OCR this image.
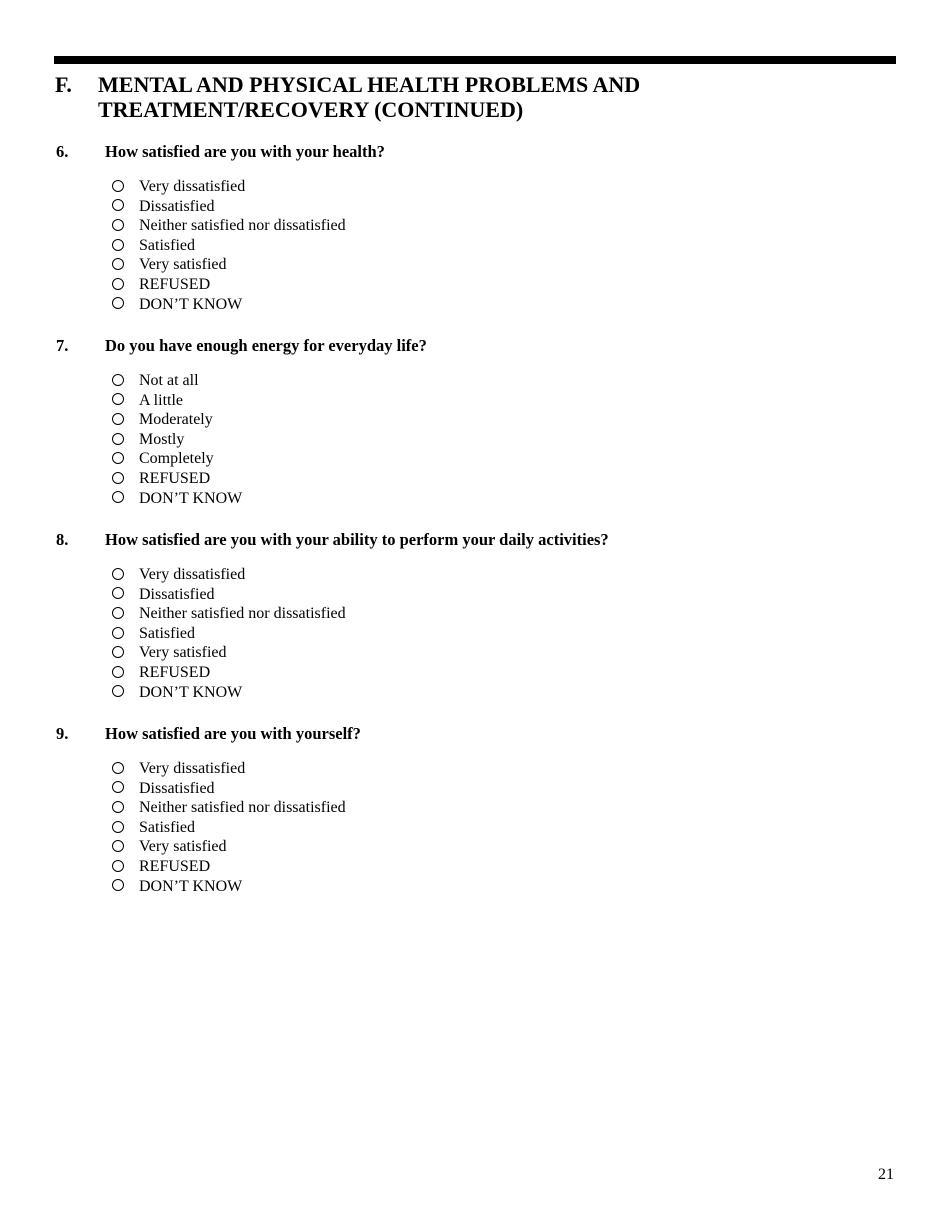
F. MENTAL AND PHYSICAL HEALTH PROBLEMS AND TREATMENT/RECOVERY (CONTINUED)
6. How satisfied are you with your health?
Very dissatisfied
Dissatisfied
Neither satisfied nor dissatisfied
Satisfied
Very satisfied
REFUSED
DON’T KNOW
7. Do you have enough energy for everyday life?
Not at all
A little
Moderately
Mostly
Completely
REFUSED
DON’T KNOW
8. How satisfied are you with your ability to perform your daily activities?
Very dissatisfied
Dissatisfied
Neither satisfied nor dissatisfied
Satisfied
Very satisfied
REFUSED
DON’T KNOW
9. How satisfied are you with yourself?
Very dissatisfied
Dissatisfied
Neither satisfied nor dissatisfied
Satisfied
Very satisfied
REFUSED
DON’T KNOW
21
